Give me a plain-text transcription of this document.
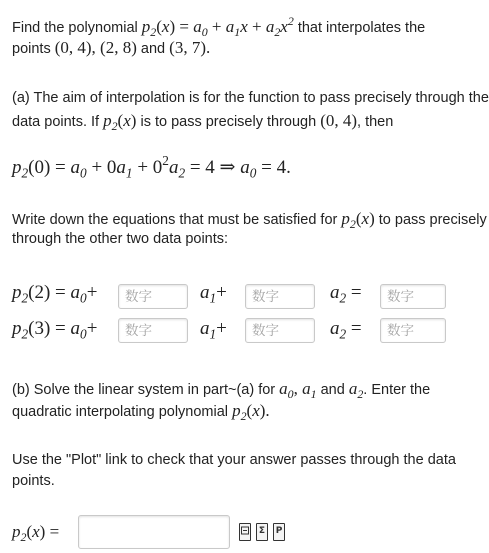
Find the polynomial $p_2(x) = a_0 + a_1x + a_2x^2$ that interpolates the
points (0, 4), (2, 8) and (3, 7).
(a) The aim of interpolation is for the function to pass precisely through the
data points. If $p_2(x)$ is to pass precisely through (0, 4), then
$p_2(0) = a_0 + 0a_1 + 0^2a_2 = 4$ ⇒ $a_0 = 4$.
Write down the equations that must be satisfied for $p_2(x)$ to pass precisely
through the other two data points:
$p_2(2) = a_0+$
数字	$a_1+$
数字	$a_2$ =
数字
$p_2(3) = a_0+$
数字	$a_1+$
数字	$a_2$ =
数字
(b) Solve the linear system in part~(a) for $a_0$, $a_1$ and $a_2$. Enter the
quadratic interpolating polynomial $p_2(x)$.
Use the "Plot" link to check that your answer passes through the data
points.
$p_2(x)$ =	Σ	P
